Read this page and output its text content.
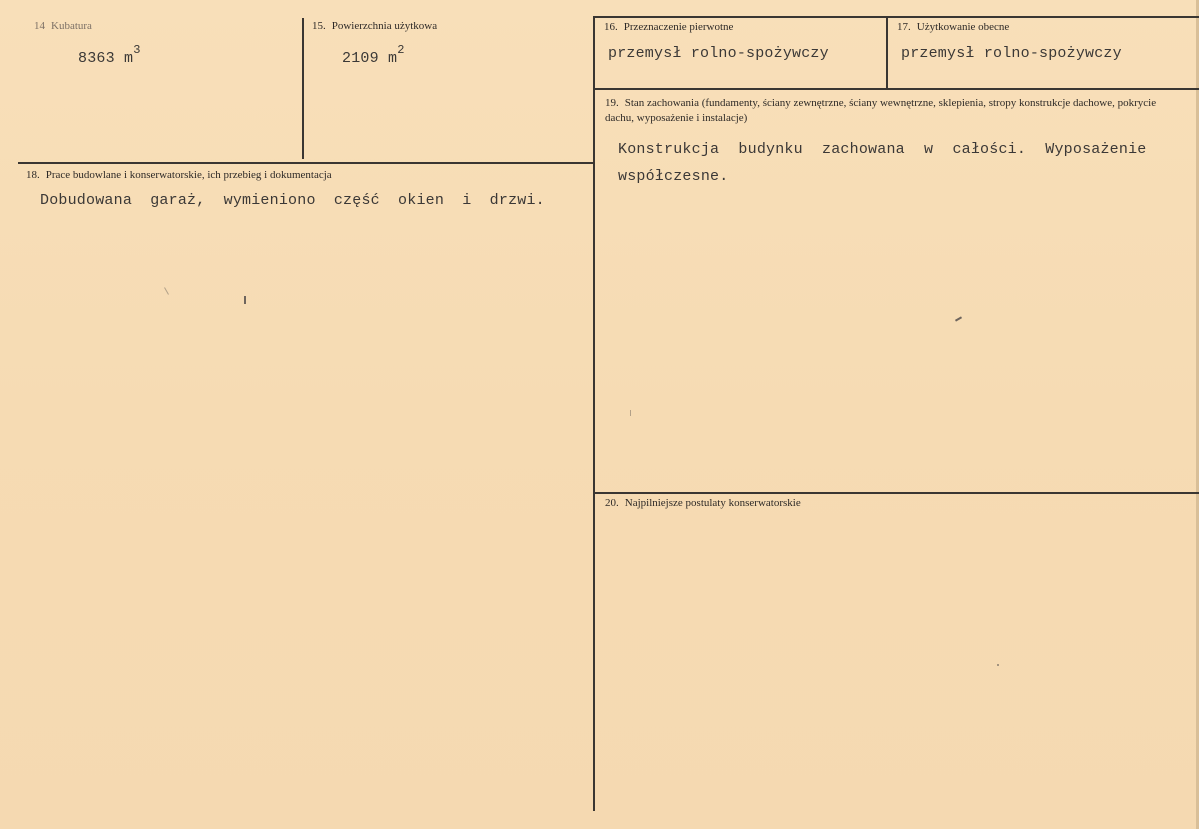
14 Kubatura
8363 $m^3$
15. Powierzchnia użytkowa
2109 $m^2$
16. Przeznaczenie pierwotne
przemysł rolno-spożywczy
17. Użytkowanie obecne
przemysł rolno-spożywczy
19. Stan zachowania (fundamenty, ściany zewnętrzne, ściany wewnętrzne, sklepienia, stropy konstrukcje dachowe, pokrycie dachu, wyposażenie i instalacje)
Konstrukcja budynku zachowana w całości. Wyposażenie współczesne.
18. Prace budowlane i konserwatorskie, ich przebieg i dokumentacja
Dobudowana garaż, wymieniono część okien i drzwi.
20. Najpilniejsze postulaty konserwatorskie
